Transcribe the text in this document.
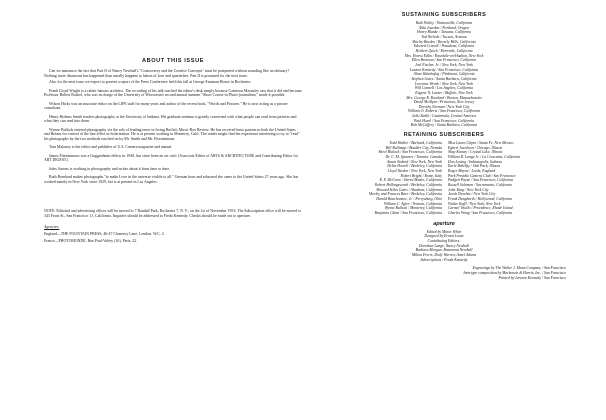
ABOUT THIS ISSUE

Can we announce the fact that Part II of Nancy Newhall's "Controversy and the Creative Concepts" must be postponed without sounding like an obituary? Nothing more disastrous has happened than usually happens to labors of love and quarterlies. Part II is promised for the next issue.

Also for the next issue we expect to present a report of the Press Conference held this fall at George Eastman House in Rochester.

Frank Lloyd Wright is a rather famous architect. The recording of his talk reached the editor's desk simply because Cameron Macauley saw that it did and because Professor Robert Boshel, who was in charge of the University of Wisconsin's second annual summer "Short Course in Photo-journalism," made it possible.

Wilson Hicks was an associate editor on the LIFE staff for many years and author of the recent book, "Words and Pictures." He is now acting as a picture consultant.

Henry Holmes Smith teaches photography at the University of Indiana. His graduate seminar is greatly concerned with what people can read from pictures and what they can read into them.

Wynne Bullock entered photography via the role of leading tenor in Irving Berlin's Music Box Review. He has received basic patents in both the United States and Britain for control of the line effect in Solarization. He is at present working in Monterey, Calif. The reader might find the experience interesting to try to "read" his photographs by the two methods touched on by Mr. Smith and Mr. Fitzsimmons.

Tom Maloney is the editor and publisher of U.S. Camera magazine and annual.

James Fitzsimmons was a Guggenheim fellow in 1948, has since been an art critic (Associate Editor of ARTS & ARCHITECTURE and Contributing Editor for ART DIGEST.)

Jules Aarons is working in photography and writes about it from time to time.

Ruth Bernhard makes photographs "to make Love in the universe visible to all." German born and educated she came to the United States 27 years ago. She has worked mainly in New York since 1929, but is at present in Los Angeles.

NOTE: Editorial and advertising offices will be moved to 7 Randall Park, Rochester 7, N. Y., on the 1st of November 1953. The Subscription office will be moved to 343 Front St., San Francisco 11, California. Inquiries should be addressed to Freda Kennedy. Checks should be made out to aperture.
Agencies:
England—THE FOUNTAIN PRESS, 46-47 Chancery Lane, London. W.C. 2.
France—PHOTOMONDE, Rue Paul-Valéry (16), Paris, 22.
SUSTAINING SUBSCRIBERS
Ruth Weltey / Watsonville, California
Alda Jourdan / Portland, Oregon
Henry Blanke / Tarzana, California
Tad Nichols / Tucson, Arizona
Shirley Burden / Beverly Hills, California
Edward Crissell / Pasadena, California
Herbert Quick / Riverside, California
Mrs. Ernest Edlin / Rosedale-on-Hudson, New York
Ellen Bronson / San Francisco, California
Joel Fischer, Jr. / New York, New York
Lawton Kennedy / San Francisco, California
Alma Wahrhaftig / Piedmont, California
Stephen Gates / Santa Barbara, California
Lorraine Wrede / New York, New York
Will Connell / Los Angeles, California
Eugene N. Lanier / Buffalo, New York
Mrs. George R. Rowland / Boston, Massachusetts
David McAlpin / Princeton, New Jersey
Dorothy Norman / New York City
William O. Roberts / San Francisco, California
Julio Zadik / Guatemala, Central America
Paul Hovel / San Francisco, California
Bob McCaffery / Santa Barbara, California
RETAINING SUBSCRIBERS
Todd Walker / Burbank, California
Bill Bullimap / Boulder City, Nevada
Sheel Blalock / San Francisco, California
Dr. C. M. Spooner / Toronto, Canada
Aaron Siskind / New York, New York
Helen Howell / Berkeley, California
Lloyd Varden / New York, New York
Robert Bright / Rome, Italy
R. F. McGraw / Sierra Madre, California
Robert Hollingsworth / Berkeley, California
Howard Stiles Gates / Altadena, California
Morley and Frances Baer / Berkeley, California
Harold Bouchonnee, Jr. / Perrysburg, Ohio
William C. Agler / Ventura, California
Wynne Bullock / Monterey, California
Benjamin Chinn / San Francisco, California
Miss Laura Gilpin / Santa Fe, New Mexico
Egbert Jacobson / Chicago, Illinois
Shay Kinney / Crystal Lake, Illinois
William R. Lange Jr. / La Crescenta, California
Don Loving / Indianapolis, Indiana
Earle Bebelfty / Oak Park, Illinois
Roger Mayne / Leeds, England
Park Presidio Camera Club / San Francisco
Padgett Payne / San Francisco, California
Russell Solomon / Sacramento, California
John Yang / New York City
Jacob Deschin / New York City
Frank Dangberth / Hollywood, California
Walter Kaffl / New York, New York
Carmel Vitullo / Providence, Rhode Island
Charles Wong / San Francisco, California
aperture
Edited by Minor White
Designed by Ernest Louie
Contributing Editors:
Dorothea Lange, Nancy Newhall
Barbara Morgan, Beaumont Newhall
Milton Ferris, Dody Warren, Ansel Adams
Subscriptions / Freda Kennedy
Engravings by The Walter J. Mann Company / San Francisco
Intertype composition by Mackenzie & Harris, Inc. / San Francisco
Printed by Lawton Kennedy / San Francisco
